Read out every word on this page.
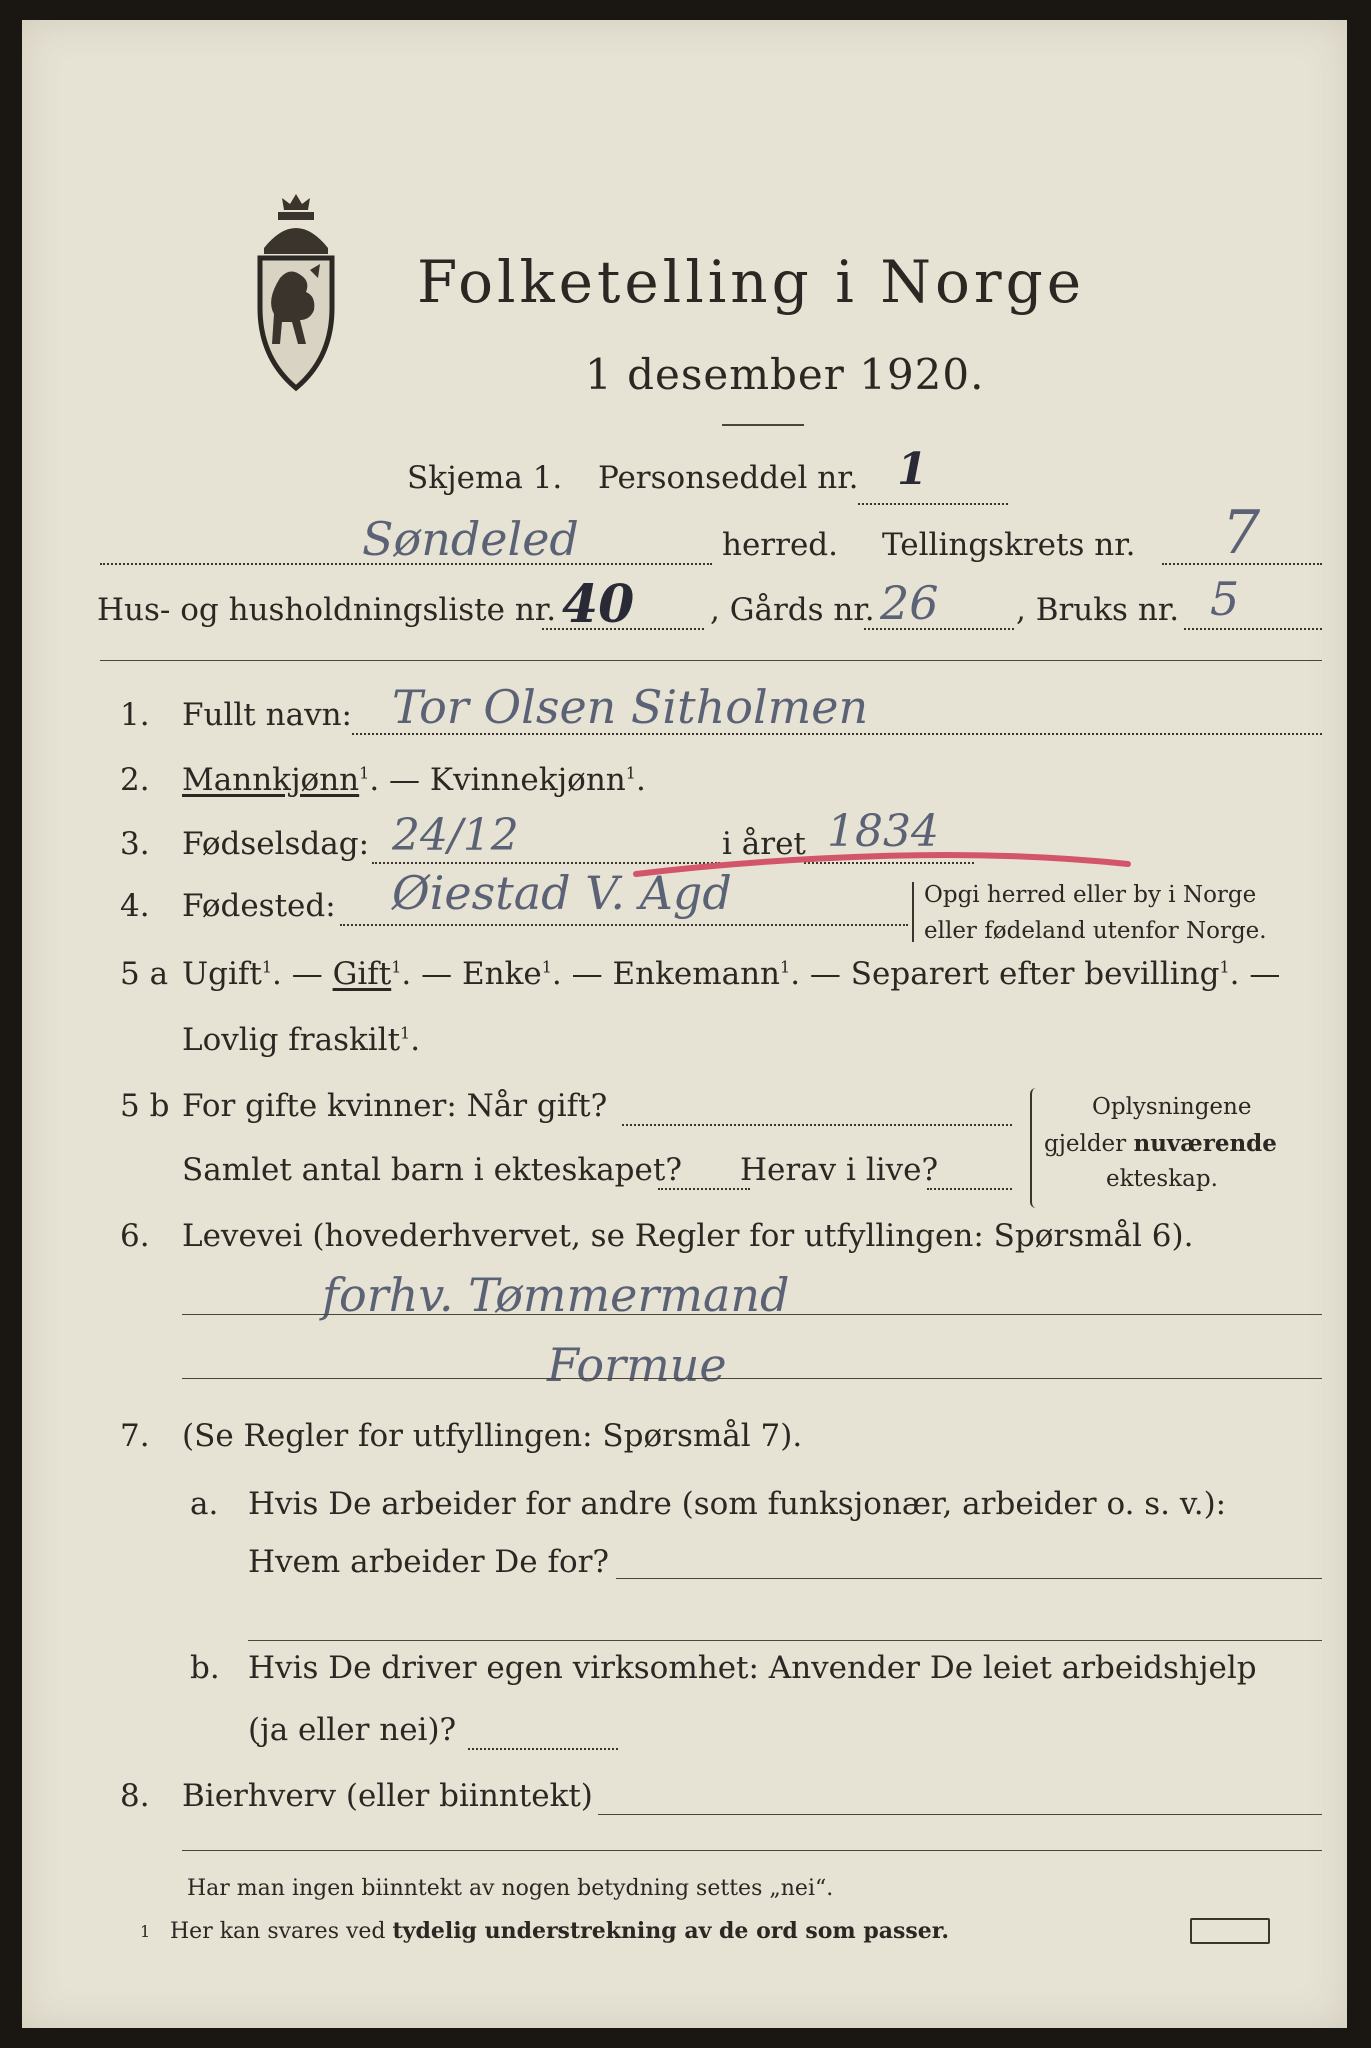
Folketelling i Norge
1 desember 1920.
Skjema 1. Personseddel nr. 1
Søndeled	herred. Tellingskrets nr. 7
Hus- og husholdningsliste nr. 40 , Gårds nr. 26 , Bruks nr. 5
1. Fullt navn: Tor Olsen Sitholmen
2. Mannkjønn$^1$. — Kvinnekjønn$^1$.
3. Fødselsdag: 24/12	i året 1834
4. Fødested: Øiestad V. Agd	Opgi herred eller by i Norge
eller fødeland utenfor Norge.
5 a Ugift$^1$. — Gift$^1$. — Enke$^1$. — Enkemann$^1$. — Separert efter bevilling$^1$. —
Lovlig fraskilt$^1$.
5 b For gifte kvinner: Når gift?
Samlet antal barn i ekteskapet? Herav i live?
Oplysningene
gjelder nuværende
ekteskap.
6. Levevei (hovederhvervet, se Regler for utfyllingen: Spørsmål 6).
forhv. Tømmermand
Formue
7. (Se Regler for utfyllingen: Spørsmål 7).
a. Hvis De arbeider for andre (som funksjonær, arbeider o. s. v.):
Hvem arbeider De for?
b. Hvis De driver egen virksomhet: Anvender De leiet arbeidshjelp
(ja eller nei)?
8. Bierhverv (eller biinntekt)
Har man ingen biinntekt av nogen betydning settes „nei“.
1 Her kan svares ved tydelig understrekning av de ord som passer.
